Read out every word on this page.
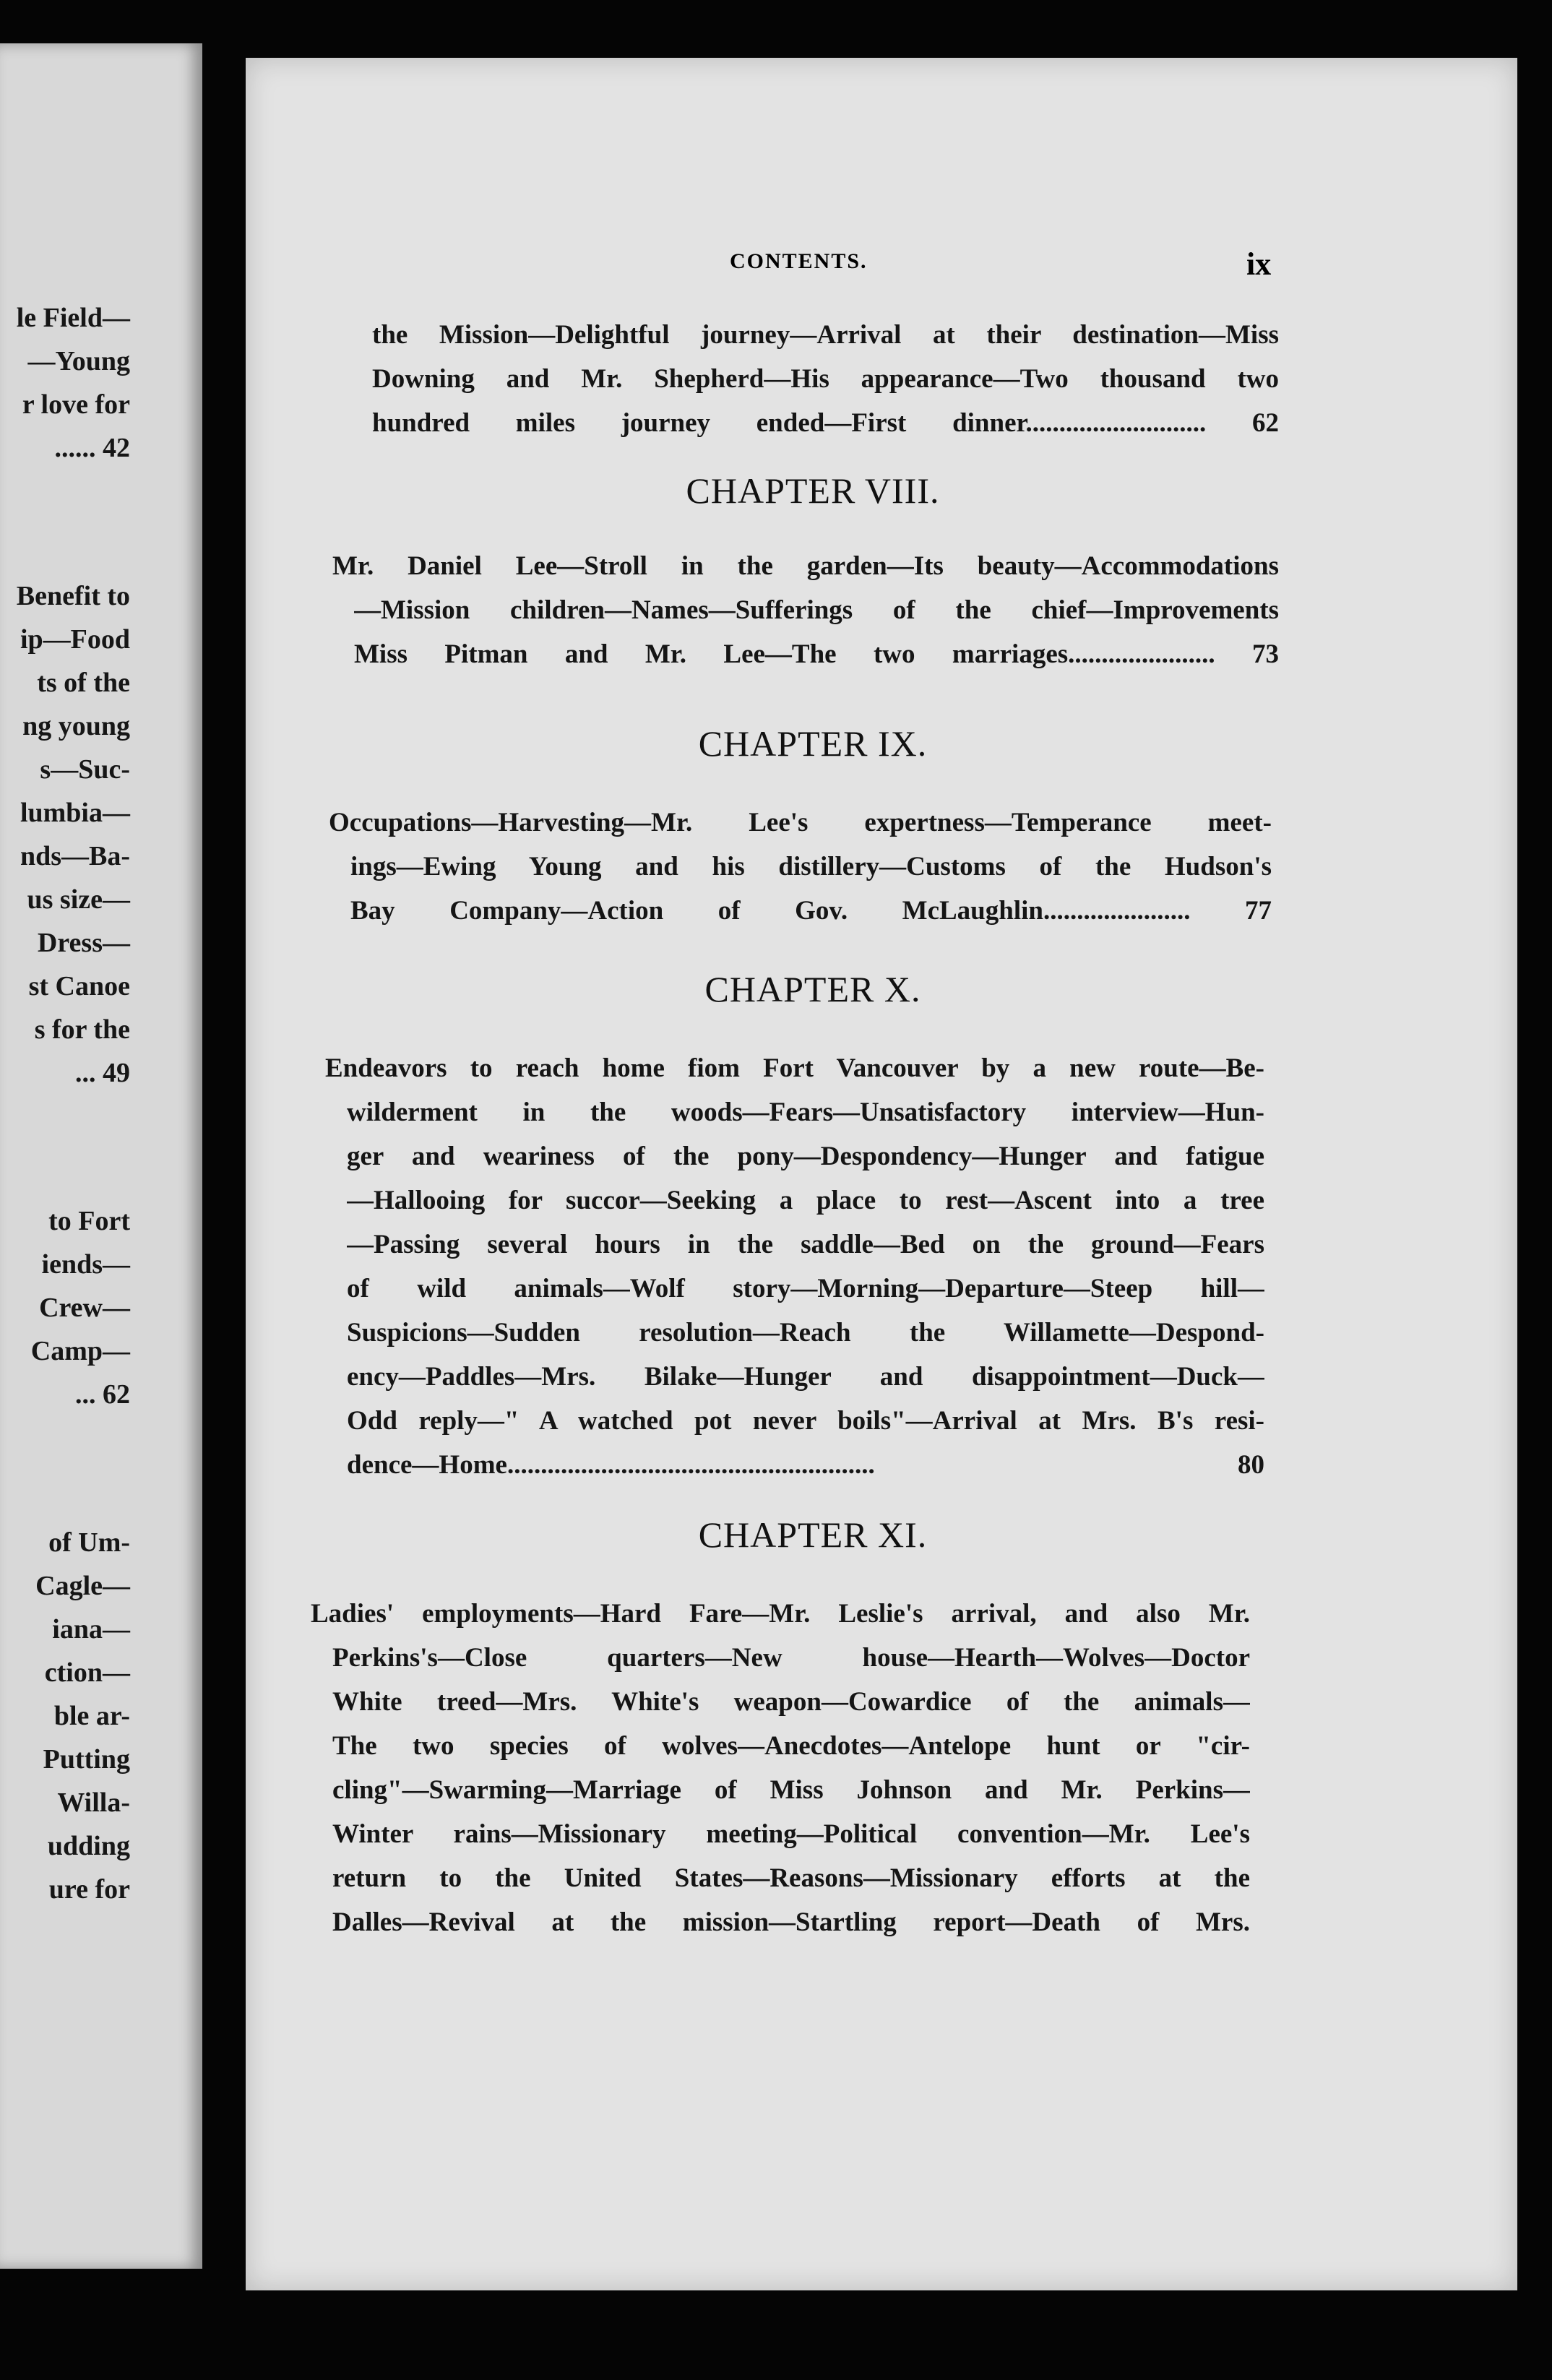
le Field—
—Young
r love for
...... 42
Benefit to
ip—Food
ts of the
ng young
s—Suc-
lumbia—
nds—Ba-
us size—
Dress—
st Canoe
s for the
... 49
to Fort
iends—
Crew—
Camp—
... 62
of Um-
Cagle—
iana—
ction—
ble ar-
Putting
Willa-
udding
ure for
CONTENTS.	ix
the Mission—Delightful journey—Arrival at their destination—Miss
Downing and Mr. Shepherd—His appearance—Two thousand two
hundred miles journey ended—First dinner........................... 62
CHAPTER VIII.
Mr. Daniel Lee—Stroll in the garden—Its beauty—Accommodations
—Mission children—Names—Sufferings of the chief—Improvements
Miss Pitman and Mr. Lee—The two marriages...................... 73
CHAPTER IX.
Occupations—Harvesting—Mr. Lee's expertness—Temperance meet-
ings—Ewing Young and his distillery—Customs of the Hudson's
Bay Company—Action of Gov. McLaughlin...................... 77
CHAPTER X.
Endeavors to reach home fiom Fort Vancouver by a new route—Be-
wilderment in the woods—Fears—Unsatisfactory interview—Hun-
ger and weariness of the pony—Despondency—Hunger and fatigue
—Hallooing for succor—Seeking a place to rest—Ascent into a tree
—Passing several hours in the saddle—Bed on the ground—Fears
of wild animals—Wolf story—Morning—Departure—Steep hill—
Suspicions—Sudden resolution—Reach the Willamette—Despond-
ency—Paddles—Mrs. Bilake—Hunger and disappointment—Duck—
Odd reply—" A watched pot never boils"—Arrival at Mrs. B's resi-
dence—Home....................................................... 80
CHAPTER XI.
Ladies' employments—Hard Fare—Mr. Leslie's arrival, and also Mr.
Perkins's—Close quarters—New house—Hearth—Wolves—Doctor
White treed—Mrs. White's weapon—Cowardice of the animals—
The two species of wolves—Anecdotes—Antelope hunt or "cir-
cling"—Swarming—Marriage of Miss Johnson and Mr. Perkins—
Winter rains—Missionary meeting—Political convention—Mr. Lee's
return to the United States—Reasons—Missionary efforts at the
Dalles—Revival at the mission—Startling report—Death of Mrs.
